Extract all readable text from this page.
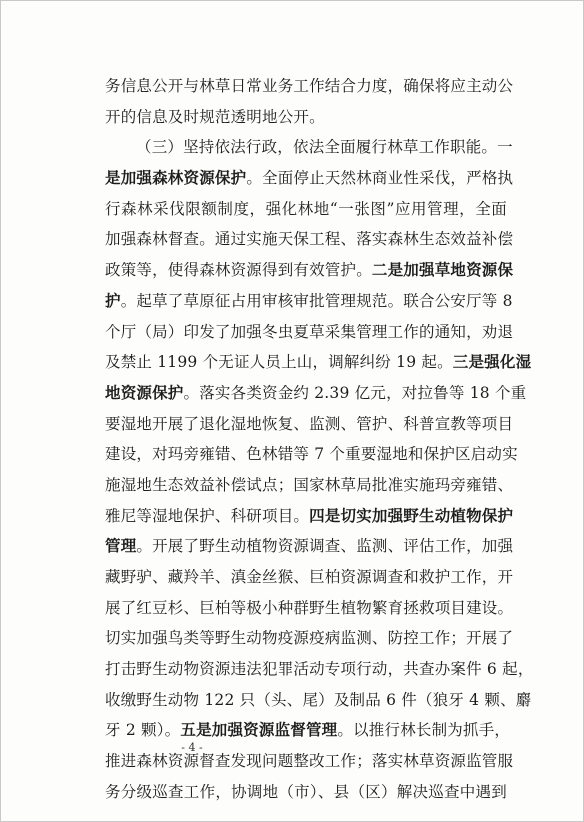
务信息公开与林草日常业务工作结合力度，确保将应主动公
开的信息及时规范透明地公开。
（三）坚持依法行政，依法全面履行林草工作职能。一
是加强森林资源保护。全面停止天然林商业性采伐，严格执
行森林采伐限额制度，强化林地“一张图”应用管理，全面
加强森林督查。通过实施天保工程、落实森林生态效益补偿
政策等，使得森林资源得到有效管护。二是加强草地资源保
护。起草了草原征占用审核审批管理规范。联合公安厅等 8
个厅（局）印发了加强冬虫夏草采集管理工作的通知，劝退
及禁止 1199 个无证人员上山，调解纠纷 19 起。三是强化湿
地资源保护。落实各类资金约 2.39 亿元，对拉鲁等 18 个重
要湿地开展了退化湿地恢复、监测、管护、科普宣教等项目
建设，对玛旁雍错、色林错等 7 个重要湿地和保护区启动实
施湿地生态效益补偿试点；国家林草局批准实施玛旁雍错、
雅尼等湿地保护、科研项目。四是切实加强野生动植物保护
管理。开展了野生动植物资源调查、监测、评估工作，加强
藏野驴、藏羚羊、滇金丝猴、巨柏资源调查和救护工作，开
展了红豆杉、巨柏等极小种群野生植物繁育拯救项目建设。
切实加强鸟类等野生动物疫源疫病监测、防控工作；开展了
打击野生动物资源违法犯罪活动专项行动，共查办案件 6 起，
收缴野生动物 122 只（头、尾）及制品 6 件（狼牙 4 颗、麝
牙 2 颗）。五是加强资源监督管理。以推行林长制为抓手，
推进森林资源督查发现问题整改工作；落实林草资源监管服
务分级巡查工作，协调地（市）、县（区）解决巡查中遇到
- 4 -
